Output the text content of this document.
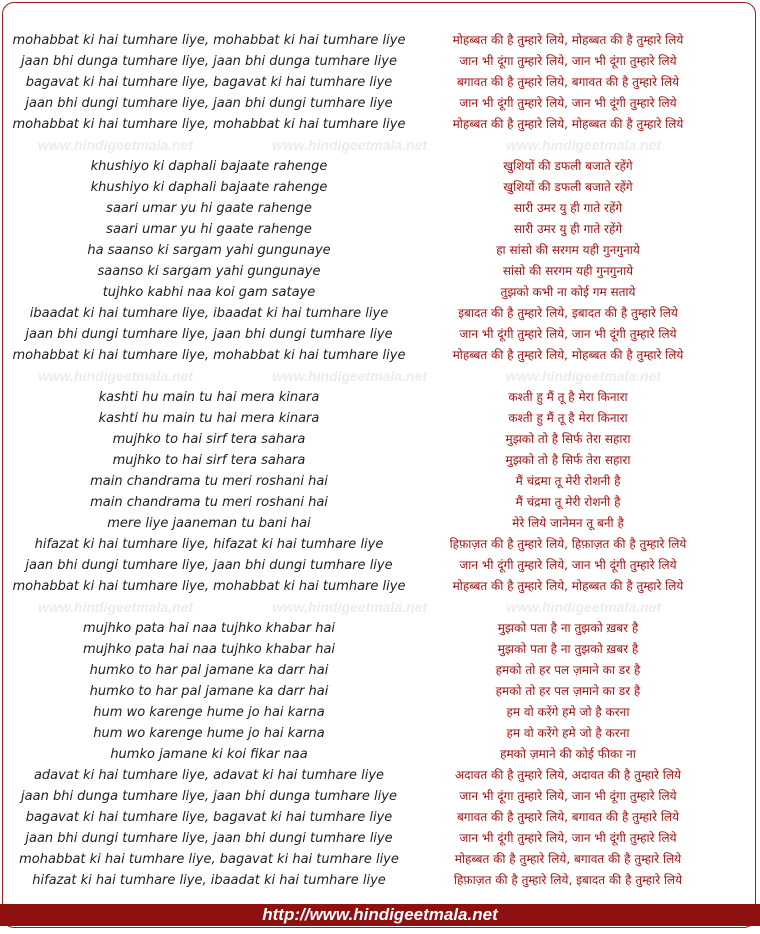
mohabbat ki hai tumhare liye, mohabbat ki hai tumhare liye	मोहब्बत की है तुम्हारे लिये, मोहब्बत की है तुम्हारे लिये
jaan bhi dunga tumhare liye, jaan bhi dunga tumhare liye	जान भी दूंगा तुम्हारे लिये, जान भी दूंगा तुम्हारे लिये
bagavat ki hai tumhare liye, bagavat ki hai tumhare liye	बगावत की है तुम्हारे लिये, बगावत की है तुम्हारे लिये
jaan bhi dungi tumhare liye, jaan bhi dungi tumhare liye	जान भी दूंगी तुम्हारे लिये, जान भी दूंगी तुम्हारे लिये
mohabbat ki hai tumhare liye, mohabbat ki hai tumhare liye	मोहब्बत की है तुम्हारे लिये, मोहब्बत की है तुम्हारे लिये
www.hindigeetmala.net	www.hindigeetmala.net	www.hindigeetmala.net
khushiyo ki daphali bajaate rahenge	खुशियों की डफली बजाते रहेंगे
khushiyo ki daphali bajaate rahenge	खुशियों की डफली बजाते रहेंगे
saari umar yu hi gaate rahenge	सारी उमर यु ही गाते रहेंगे
saari umar yu hi gaate rahenge	सारी उमर यु ही गाते रहेंगे
ha saanso ki sargam yahi gungunaye	हा सांसो की सरगम यही गुनगुनाये
saanso ki sargam yahi gungunaye	सांसो की सरगम यही गुनगुनाये
tujhko kabhi naa koi gam sataye	तुझको कभी ना कोई गम सताये
ibaadat ki hai tumhare liye, ibaadat ki hai tumhare liye	इबादत की है तुम्हारे लिये, इबादत की है तुम्हारे लिये
jaan bhi dungi tumhare liye, jaan bhi dungi tumhare liye	जान भी दूंगी तुम्हारे लिये, जान भी दूंगी तुम्हारे लिये
mohabbat ki hai tumhare liye, mohabbat ki hai tumhare liye	मोहब्बत की है तुम्हारे लिये, मोहब्बत की है तुम्हारे लिये
www.hindigeetmala.net	www.hindigeetmala.net	www.hindigeetmala.net
kashti hu main tu hai mera kinara	कश्ती हु मैं तू है मेरा किनारा
kashti hu main tu hai mera kinara	कश्ती हु मैं तू है मेरा किनारा
mujhko to hai sirf tera sahara	मुझको तो है सिर्फ तेरा सहारा
mujhko to hai sirf tera sahara	मुझको तो है सिर्फ तेरा सहारा
main chandrama tu meri roshani hai	मैं चंद्रमा तू मेरी रोशनी है
main chandrama tu meri roshani hai	मैं चंद्रमा तू मेरी रोशनी है
mere liye jaaneman tu bani hai	मेरे लिये जानेमन तू बनी है
hifazat ki hai tumhare liye, hifazat ki hai tumhare liye	हिफ़ाज़त की है तुम्हारे लिये, हिफ़ाज़त की है तुम्हारे लिये
jaan bhi dungi tumhare liye, jaan bhi dungi tumhare liye	जान भी दूंगी तुम्हारे लिये, जान भी दूंगी तुम्हारे लिये
mohabbat ki hai tumhare liye, mohabbat ki hai tumhare liye	मोहब्बत की है तुम्हारे लिये, मोहब्बत की है तुम्हारे लिये
www.hindigeetmala.net	www.hindigeetmala.net	www.hindigeetmala.net
mujhko pata hai naa tujhko khabar hai	मुझको पता है ना तुझको ख़बर है
mujhko pata hai naa tujhko khabar hai	मुझको पता है ना तुझको ख़बर है
humko to har pal jamane ka darr hai	हमको तो हर पल ज़माने का डर है
humko to har pal jamane ka darr hai	हमको तो हर पल ज़माने का डर है
hum wo karenge hume jo hai karna	हम वो करेंगे हमे जो है करना
hum wo karenge hume jo hai karna	हम वो करेंगे हमे जो है करना
humko jamane ki koi fikar naa	हमको ज़माने की कोई फीका ना
adavat ki hai tumhare liye, adavat ki hai tumhare liye	अदावत की है तुम्हारे लिये, अदावत की है तुम्हारे लिये
jaan bhi dunga tumhare liye, jaan bhi dunga tumhare liye	जान भी दूंगा तुम्हारे लिये, जान भी दूंगा तुम्हारे लिये
bagavat ki hai tumhare liye, bagavat ki hai tumhare liye	बगावत की है तुम्हारे लिये, बगावत की है तुम्हारे लिये
jaan bhi dungi tumhare liye, jaan bhi dungi tumhare liye	जान भी दूंगी तुम्हारे लिये, जान भी दूंगी तुम्हारे लिये
mohabbat ki hai tumhare liye, bagavat ki hai tumhare liye	मोहब्बत की है तुम्हारे लिये, बगावत की है तुम्हारे लिये
hifazat ki hai tumhare liye, ibaadat ki hai tumhare liye	हिफ़ाज़त की है तुम्हारे लिये, इबादत की है तुम्हारे लिये
http://www.hindigeetmala.net
